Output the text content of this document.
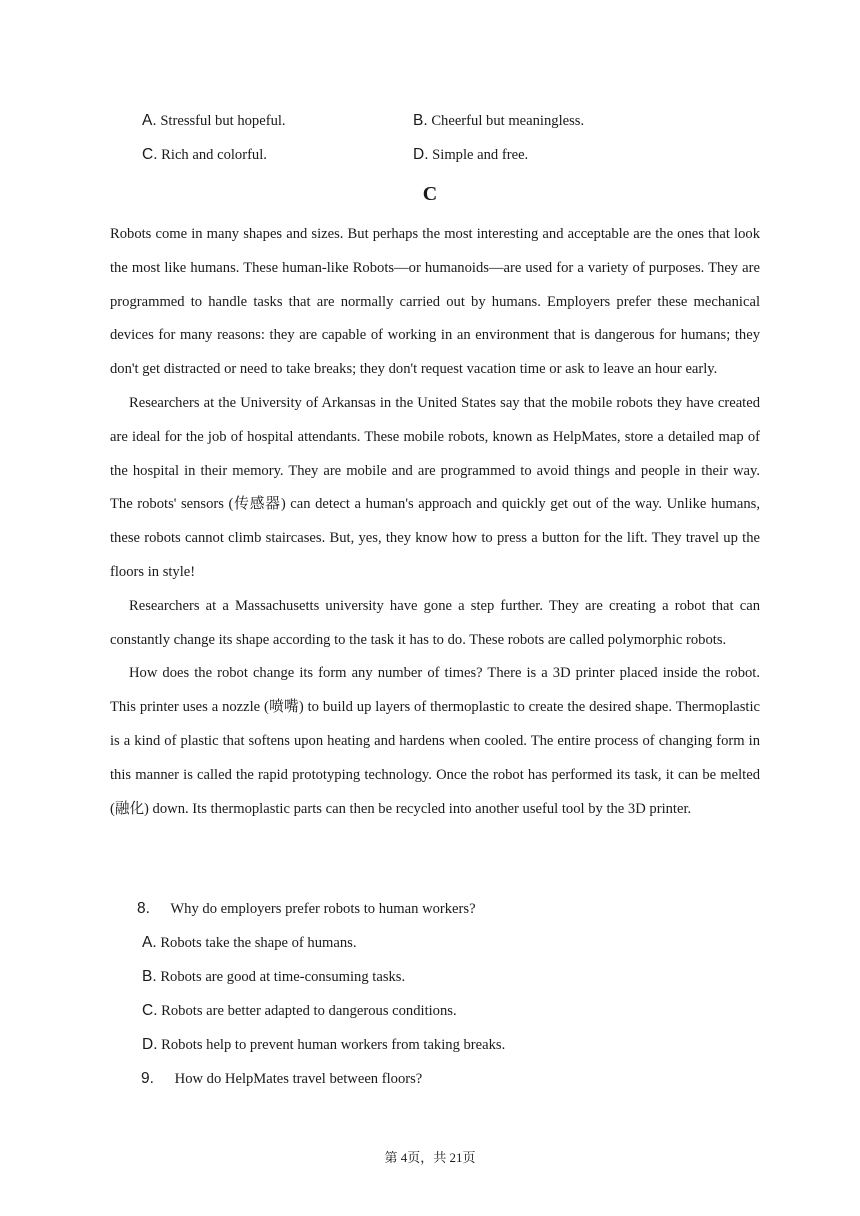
A. Stressful but hopeful.	B. Cheerful but meaningless.
C. Rich and colorful.	D. Simple and free.
C

Robots come in many shapes and sizes. But perhaps the most interesting and acceptable are the ones that look the most like humans. These human-like Robots—or humanoids—are used for a variety of purposes. They are programmed to handle tasks that are normally carried out by humans. Employers prefer these mechanical devices for many reasons: they are capable of working in an environment that is dangerous for humans; they don't get distracted or need to take breaks; they don't request vacation time or ask to leave an hour early.

Researchers at the University of Arkansas in the United States say that the mobile robots they have created are ideal for the job of hospital attendants. These mobile robots, known as HelpMates, store a detailed map of the hospital in their memory. They are mobile and are programmed to avoid things and people in their way. The robots' sensors (传感器) can detect a human's approach and quickly get out of the way. Unlike humans, these robots cannot climb staircases. But, yes, they know how to press a button for the lift. They travel up the floors in style!

Researchers at a Massachusetts university have gone a step further. They are creating a robot that can constantly change its shape according to the task it has to do. These robots are called polymorphic robots.

How does the robot change its form any number of times? There is a 3D printer placed inside the robot. This printer uses a nozzle (喷嘴) to build up layers of thermoplastic to create the desired shape. Thermoplastic is a kind of plastic that softens upon heating and hardens when cooled. The entire process of changing form in this manner is called the rapid prototyping technology. Once the robot has performed its task, it can be melted (融化) down. Its thermoplastic parts can then be recycled into another useful tool by the 3D printer.

8. Why do employers prefer robots to human workers?
A. Robots take the shape of humans.
B. Robots are good at time-consuming tasks.
C. Robots are better adapted to dangerous conditions.
D. Robots help to prevent human workers from taking breaks.
9. How do HelpMates travel between floors?
第 4页，共 21页
